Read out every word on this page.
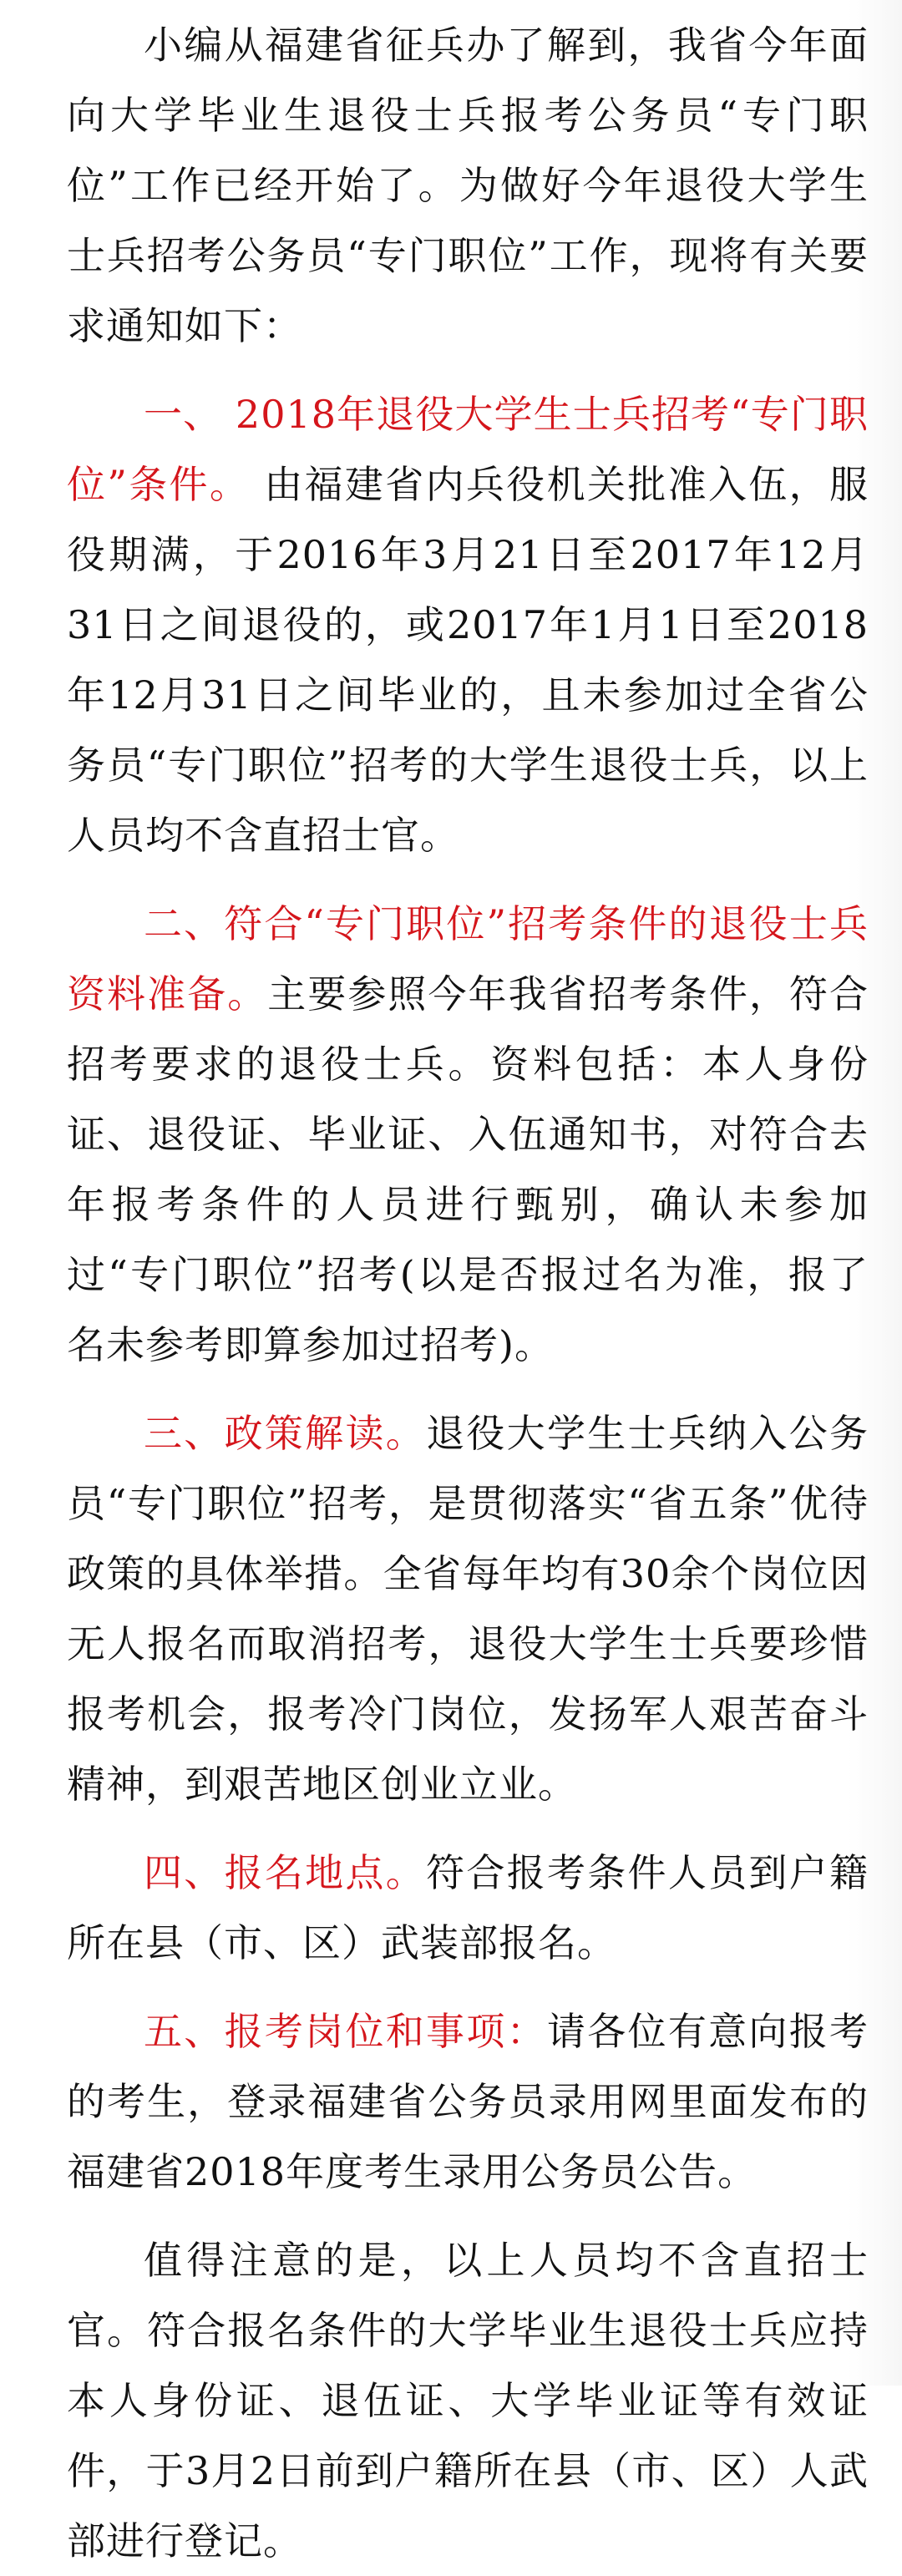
小编从福建省征兵办了解到，我省今年面向大学毕业生退役士兵报考公务员“专门职位”工作已经开始了。为做好今年退役大学生士兵招考公务员“专门职位”工作，现将有关要求通知如下：

一、 2018年退役大学生士兵招考“专门职位”条件。 由福建省内兵役机关批准入伍，服役期满，于2016年3月21日至2017年12月31日之间退役的，或2017年1月1日至2018年12月31日之间毕业的，且未参加过全省公务员“专门职位”招考的大学生退役士兵，以上人员均不含直招士官。

二、符合“专门职位”招考条件的退役士兵资料准备。主要参照今年我省招考条件，符合招考要求的退役士兵。资料包括：本人身份证、退役证、毕业证、入伍通知书，对符合去年报考条件的人员进行甄别，确认未参加过“专门职位”招考(以是否报过名为准，报了名未参考即算参加过招考)。

三、政策解读。退役大学生士兵纳入公务员“专门职位”招考，是贯彻落实“省五条”优待政策的具体举措。全省每年均有30余个岗位因无人报名而取消招考，退役大学生士兵要珍惜报考机会，报考冷门岗位，发扬军人艰苦奋斗精神，到艰苦地区创业立业。

四、报名地点。符合报考条件人员到户籍所在县（市、区）武装部报名。

五、报考岗位和事项：请各位有意向报考的考生，登录福建省公务员录用网里面发布的福建省2018年度考生录用公务员公告。

值得注意的是，以上人员均不含直招士官。符合报名条件的大学毕业生退役士兵应持本人身份证、退伍证、大学毕业证等有效证件，于3月2日前到户籍所在县（市、区）人武部进行登记。
